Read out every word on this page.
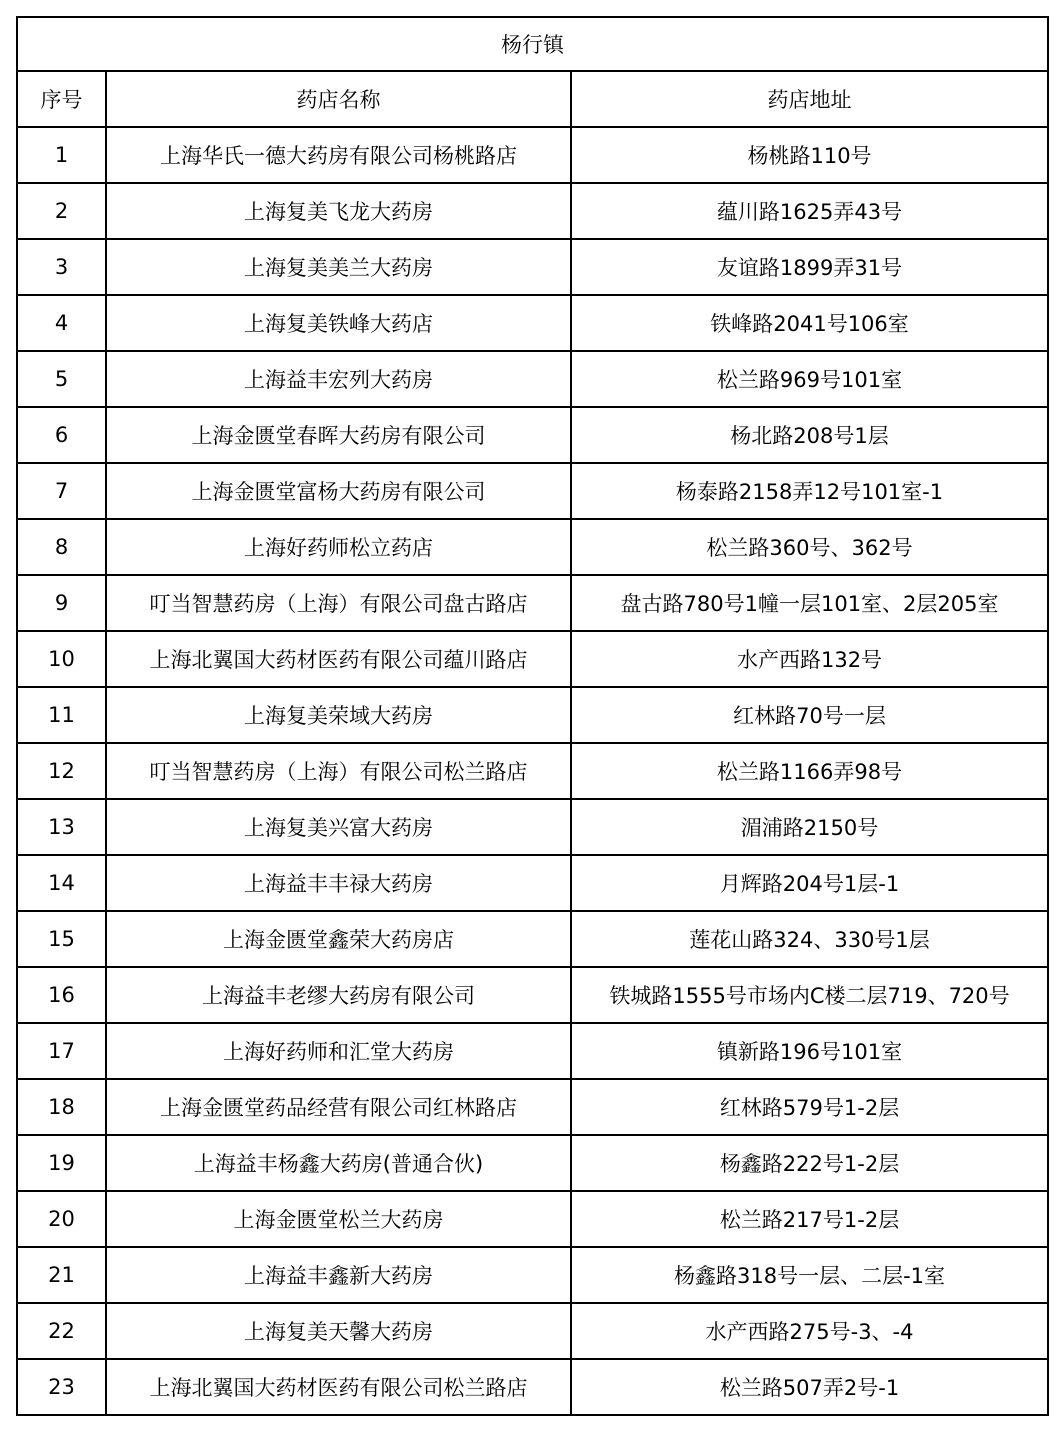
杨行镇		
序号	药店名称	药店地址
1	上海华氏一德大药房有限公司杨桃路店	杨桃路110号
2	上海复美飞龙大药房	蕴川路1625弄43号
3	上海复美美兰大药房	友谊路1899弄31号
4	上海复美铁峰大药店	铁峰路2041号106室
5	上海益丰宏列大药房	松兰路969号101室
6	上海金匮堂春晖大药房有限公司	杨北路208号1层
7	上海金匮堂富杨大药房有限公司	杨泰路2158弄12号101室-1
8	上海好药师松立药店	松兰路360号、362号
9	叮当智慧药房（上海）有限公司盘古路店	盘古路780号1幢一层101室、2层205室
10	上海北翼国大药材医药有限公司蕴川路店	水产西路132号
11	上海复美荣域大药房	红林路70号一层
12	叮当智慧药房（上海）有限公司松兰路店	松兰路1166弄98号
13	上海复美兴富大药房	湄浦路2150号
14	上海益丰丰禄大药房	月辉路204号1层-1
15	上海金匮堂鑫荣大药房店	莲花山路324、330号1层
16	上海益丰老缪大药房有限公司	铁城路1555号市场内C楼二层719、720号
17	上海好药师和汇堂大药房	镇新路196号101室
18	上海金匮堂药品经营有限公司红林路店	红林路579号1-2层
19	上海益丰杨鑫大药房(普通合伙)	杨鑫路222号1-2层
20	上海金匮堂松兰大药房	松兰路217号1-2层
21	上海益丰鑫新大药房	杨鑫路318号一层、二层-1室
22	上海复美天馨大药房	水产西路275号-3、-4
23	上海北翼国大药材医药有限公司松兰路店	松兰路507弄2号-1
